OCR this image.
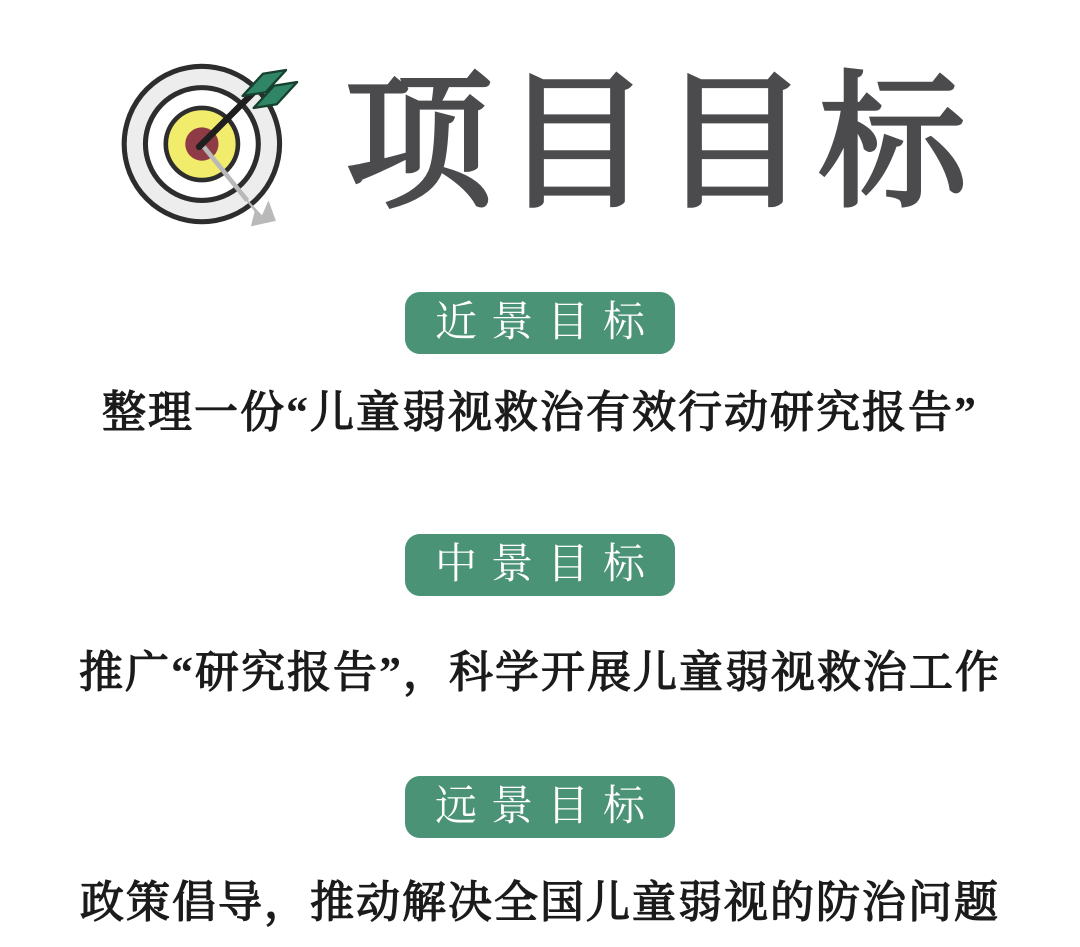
项目目标
近景目标

整理一份“儿童弱视救治有效行动研究报告”

中景目标

推广“研究报告”，科学开展儿童弱视救治工作

远景目标

政策倡导，推动解决全国儿童弱视的防治问题
